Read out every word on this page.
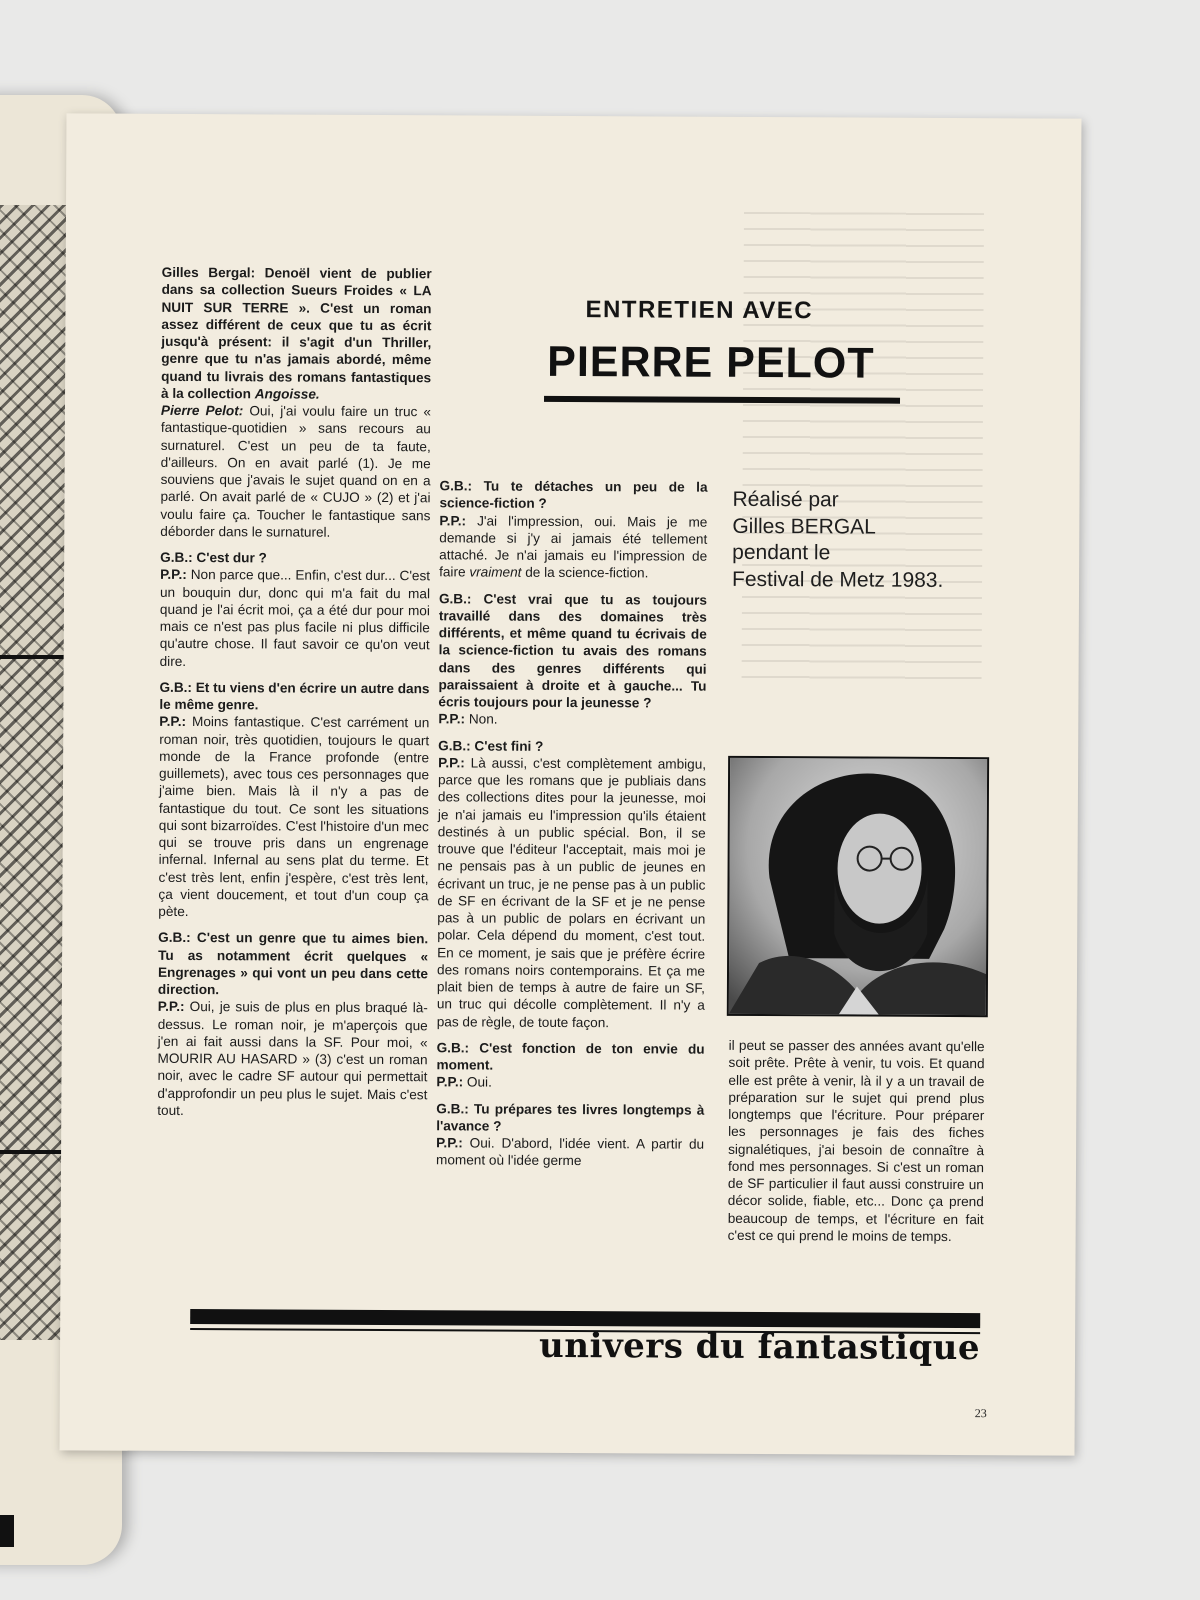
ENTRETIEN AVEC
PIERRE PELOT
Réalisé par
Gilles BERGAL
pendant le
Festival de Metz 1983.

Gilles Bergal: Denoël vient de publier dans sa collection Sueurs Froides « LA NUIT SUR TERRE ». C'est un roman assez différent de ceux que tu as écrit jusqu'à présent: il s'agit d'un Thriller, genre que tu n'as jamais abordé, même quand tu livrais des romans fantastiques à la collection Angoisse.
Pierre Pelot: Oui, j'ai voulu faire un truc « fantastique-quotidien » sans recours au surnaturel. C'est un peu de ta faute, d'ailleurs. On en avait parlé (1). Je me souviens que j'avais le sujet quand on en a parlé. On avait parlé de « CUJO » (2) et j'ai voulu faire ça. Toucher le fantastique sans déborder dans le surnaturel.

G.B.: C'est dur ?
P.P.: Non parce que... Enfin, c'est dur... C'est un bouquin dur, donc qui m'a fait du mal quand je l'ai écrit moi, ça a été dur pour moi mais ce n'est pas plus facile ni plus difficile qu'autre chose. Il faut savoir ce qu'on veut dire.

G.B.: Et tu viens d'en écrire un autre dans le même genre.
P.P.: Moins fantastique. C'est carrément un roman noir, très quotidien, toujours le quart monde de la France profonde (entre guillemets), avec tous ces personnages que j'aime bien. Mais là il n'y a pas de fantastique du tout. Ce sont les situations qui sont bizarroïdes. C'est l'histoire d'un mec qui se trouve pris dans un engrenage infernal. Infernal au sens plat du terme. Et c'est très lent, enfin j'espère, c'est très lent, ça vient doucement, et tout d'un coup ça pète.

G.B.: C'est un genre que tu aimes bien. Tu as notamment écrit quelques « Engrenages » qui vont un peu dans cette direction.
P.P.: Oui, je suis de plus en plus braqué là-dessus. Le roman noir, je m'aperçois que j'en ai fait aussi dans la SF. Pour moi, « MOURIR AU HASARD » (3) c'est un roman noir, avec le cadre SF autour qui permettait d'approfondir un peu plus le sujet. Mais c'est tout.

G.B.: Tu te détaches un peu de la science-fiction ?
P.P.: J'ai l'impression, oui. Mais je me demande si j'y ai jamais été tellement attaché. Je n'ai jamais eu l'impression de faire vraiment de la science-fiction.

G.B.: C'est vrai que tu as toujours travaillé dans des domaines très différents, et même quand tu écrivais de la science-fiction tu avais des romans dans des genres différents qui paraissaient à droite et à gauche... Tu écris toujours pour la jeunesse ?
P.P.: Non.

G.B.: C'est fini ?
P.P.: Là aussi, c'est complètement ambigu, parce que les romans que je publiais dans des collections dites pour la jeunesse, moi je n'ai jamais eu l'impression qu'ils étaient destinés à un public spécial. Bon, il se trouve que l'éditeur l'acceptait, mais moi je ne pensais pas à un public de jeunes en écrivant un truc, je ne pense pas à un public de SF en écrivant de la SF et je ne pense pas à un public de polars en écrivant un polar. Cela dépend du moment, c'est tout. En ce moment, je sais que je préfère écrire des romans noirs contemporains. Et ça me plait bien de temps à autre de faire un SF, un truc qui décolle complètement. Il n'y a pas de règle, de toute façon.

G.B.: C'est fonction de ton envie du moment.
P.P.: Oui.

G.B.: Tu prépares tes livres longtemps à l'avance ?
P.P.: Oui. D'abord, l'idée vient. A partir du moment où l'idée germe

il peut se passer des années avant qu'elle soit prête. Prête à venir, tu vois. Et quand elle est prête à venir, là il y a un travail de préparation sur le sujet qui prend plus longtemps que l'écriture. Pour préparer les personnages je fais des fiches signalétiques, j'ai besoin de connaître à fond mes personnages. Si c'est un roman de SF particulier il faut aussi construire un décor solide, fiable, etc... Donc ça prend beaucoup de temps, et l'écriture en fait c'est ce qui prend le moins de temps.

univers du fantastique
23
